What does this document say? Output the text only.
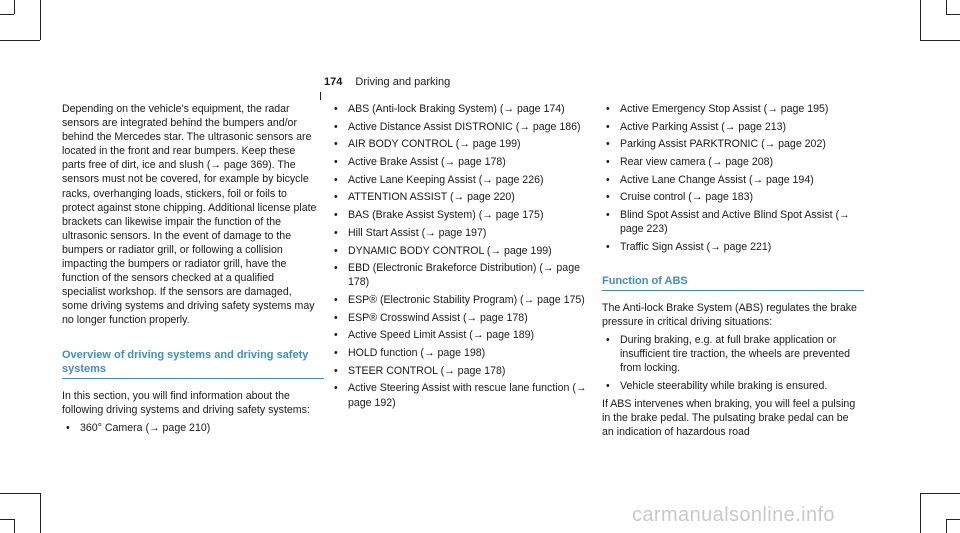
174 Driving and parking

Depending on the vehicle's equipment, the radar sensors are integrated behind the bumpers and/or behind the Mercedes star. The ultrasonic sensors are located in the front and rear bumpers. Keep these parts free of dirt, ice and slush (→ page 369). The sensors must not be covered, for example by bicycle racks, overhanging loads, stickers, foil or foils to protect against stone chipping. Additional license plate brackets can likewise impair the function of the ultrasonic sensors. In the event of damage to the bumpers or radiator grill, or following a collision impacting the bumpers or radiator grill, have the function of the sensors checked at a qualified specialist workshop. If the sensors are damaged, some driving systems and driving safety systems may no longer function properly.

Overview of driving systems and driving safety systems

In this section, you will find information about the following driving systems and driving safety systems:

• 360° Camera (→ page 210)
• ABS (Anti-lock Braking System) (→ page 174)
• Active Distance Assist DISTRONIC (→ page 186)
• AIR BODY CONTROL (→ page 199)
• Active Brake Assist (→ page 178)
• Active Lane Keeping Assist (→ page 226)
• ATTENTION ASSIST (→ page 220)
• BAS (Brake Assist System) (→ page 175)
• Hill Start Assist (→ page 197)
• DYNAMIC BODY CONTROL (→ page 199)
• EBD (Electronic Brakeforce Distribution) (→ page 178)
• ESP® (Electronic Stability Program) (→ page 175)
• ESP® Crosswind Assist (→ page 178)
• Active Speed Limit Assist (→ page 189)
• HOLD function (→ page 198)
• STEER CONTROL (→ page 178)
• Active Steering Assist with rescue lane function (→ page 192)
• Active Emergency Stop Assist (→ page 195)
• Active Parking Assist (→ page 213)
• Parking Assist PARKTRONIC (→ page 202)
• Rear view camera (→ page 208)
• Active Lane Change Assist (→ page 194)
• Cruise control (→ page 183)
• Blind Spot Assist and Active Blind Spot Assist (→ page 223)
• Traffic Sign Assist (→ page 221)
Function of ABS

The Anti-lock Brake System (ABS) regulates the brake pressure in critical driving situations:

• During braking, e.g. at full brake application or insufficient tire traction, the wheels are prevented from locking.
• Vehicle steerability while braking is ensured.

If ABS intervenes when braking, you will feel a pulsing in the brake pedal. The pulsating brake pedal can be an indication of hazardous road

carmanualsonline.info
